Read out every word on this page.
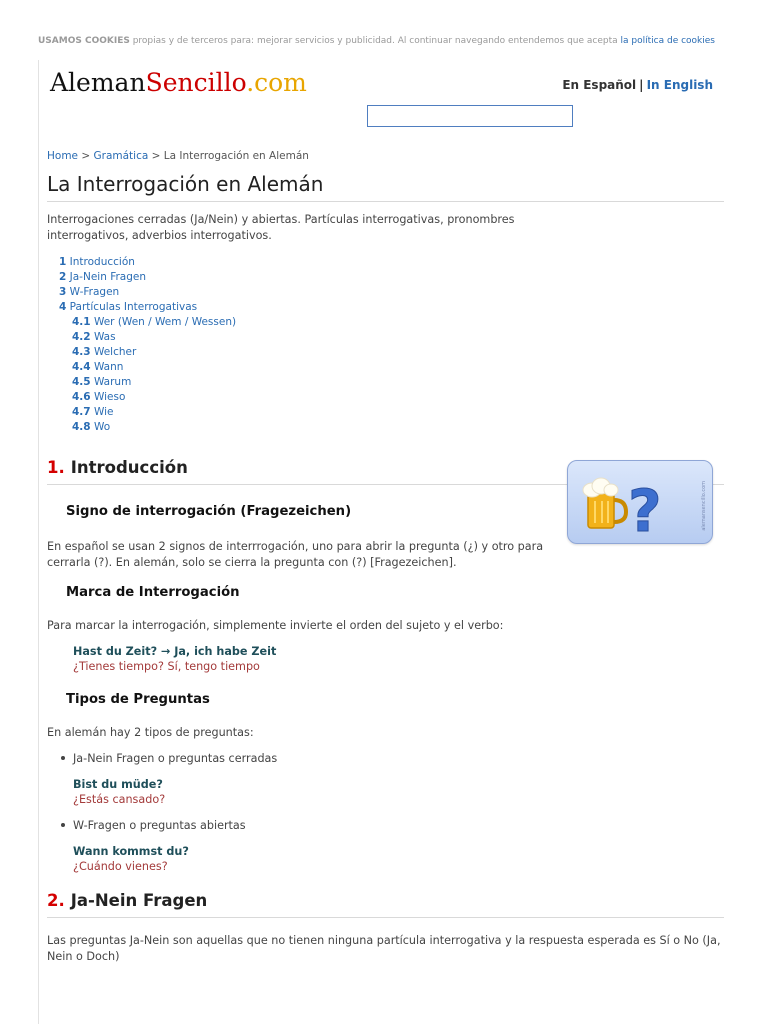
USAMOS COOKIES propias y de terceros para: mejorar servicios y publicidad. Al continuar navegando entendemos que acepta la política de cookies
AlemanSencillo.com	En Español | In English
Home > Gramática > La Interrogación en Alemán
La Interrogación en Alemán

Interrogaciones cerradas (Ja/Nein) y abiertas. Partículas interrogativas, pronombres interrogativos, adverbios interrogativos.

1 Introducción
2 Ja-Nein Fragen
3 W-Fragen
4 Partículas Interrogativas
4.1 Wer (Wen / Wem / Wessen)
4.2 Was
4.3 Welcher
4.4 Wann
4.5 Warum
4.6 Wieso
4.7 Wie
4.8 Wo
1. Introducción
?	alemansencillo.com
Signo de interrogación (Fragezeichen)

En español se usan 2 signos de interrrogación, uno para abrir la pregunta (¿) y otro para cerrarla (?). En alemán, solo se cierra la pregunta con (?) [Fragezeichen].

Marca de Interrogación

Para marcar la interrogación, simplemente invierte el orden del sujeto y el verbo:

Hast du Zeit? → Ja, ich habe Zeit
¿Tienes tiempo? Sí, tengo tiempo
Tipos de Preguntas

En alemán hay 2 tipos de preguntas:

Ja-Nein Fragen o preguntas cerradas
Bist du müde?
¿Estás cansado?
W-Fragen o preguntas abiertas
Wann kommst du?
¿Cuándo vienes?
2. Ja-Nein Fragen

Las preguntas Ja-Nein son aquellas que no tienen ninguna partícula interrogativa y la respuesta esperada es Sí o No (Ja, Nein o Doch)
